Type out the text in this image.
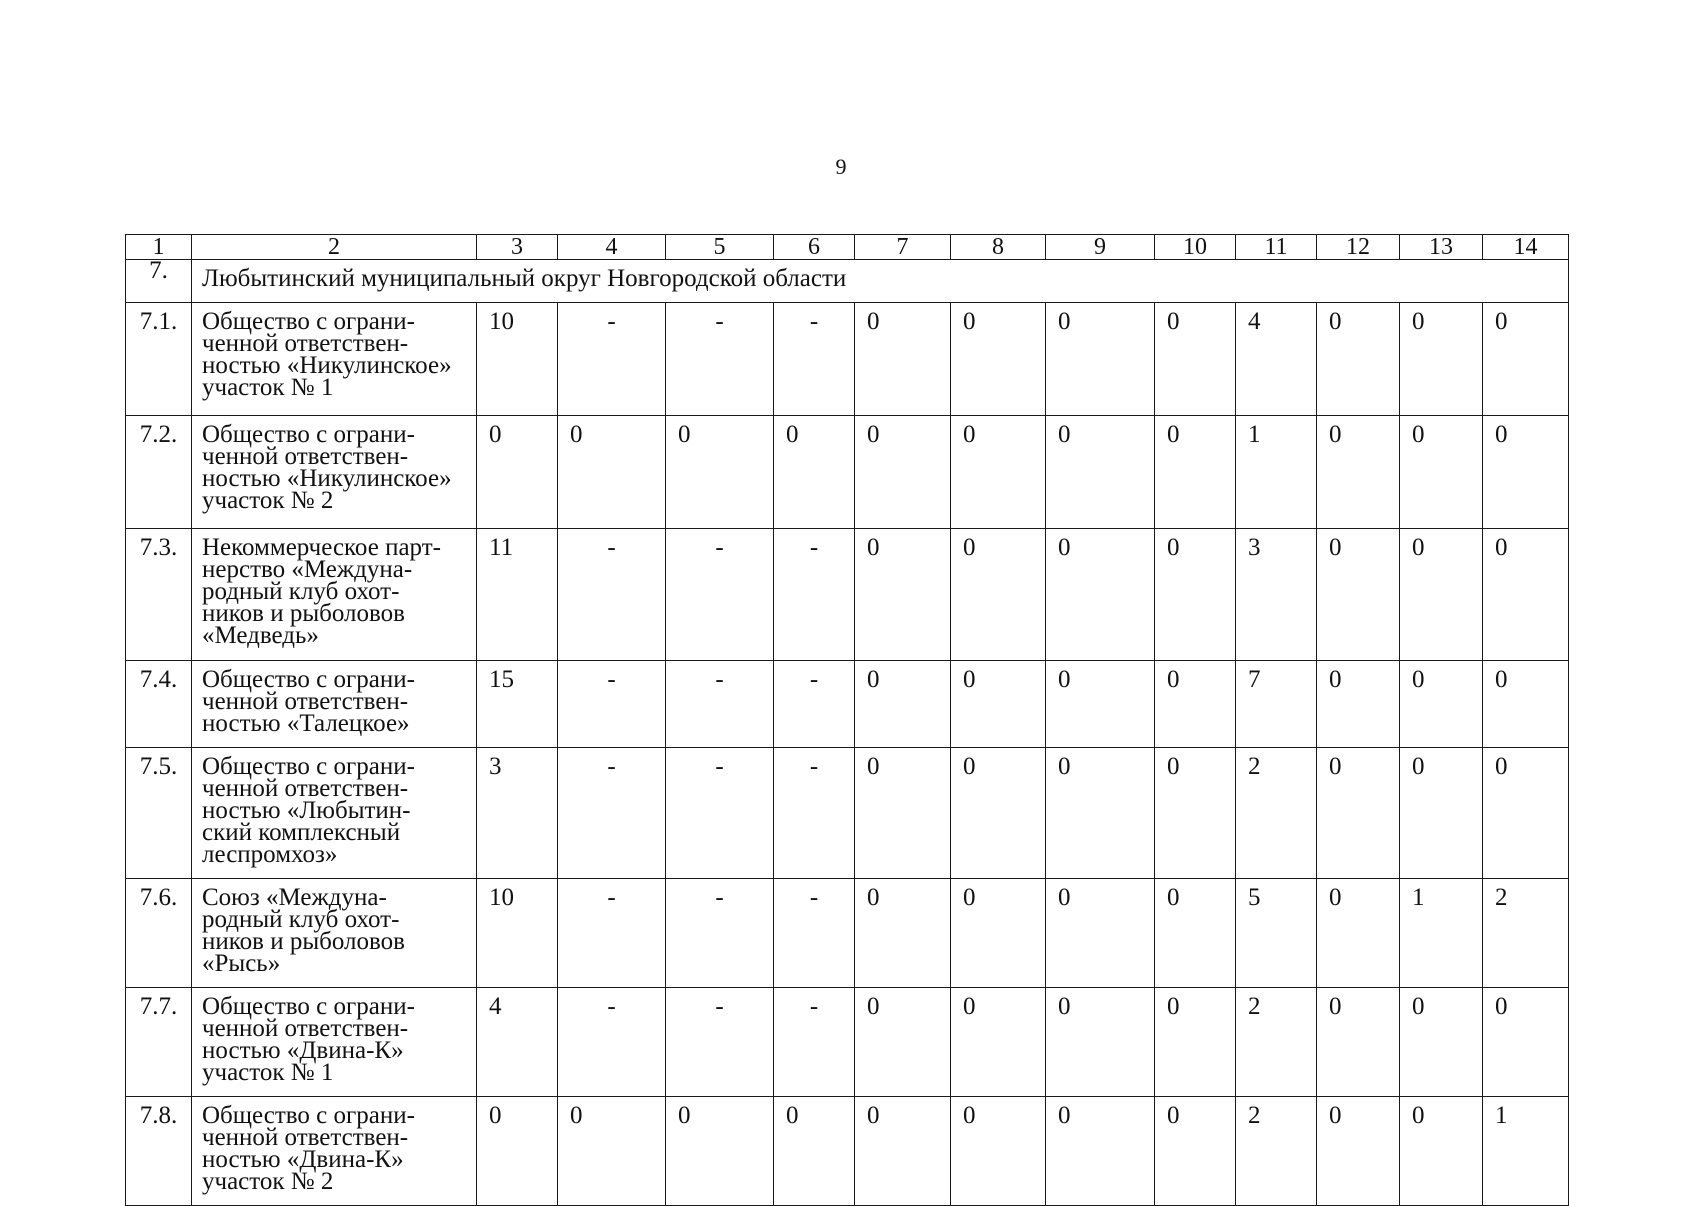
9
1	2	3	4	5	6	7	8	9	10	11	12	13	14
7.	Любытинский муниципальный округ Новгородской области												
7.1.	Общество с ограни-
ченной ответствен-
ностью «Никулинское»
участок № 1	10	-	-	-	0	0	0	0	4	0	0	0
7.2.	Общество с ограни-
ченной ответствен-
ностью «Никулинское»
участок № 2	0	0	0	0	0	0	0	0	1	0	0	0
7.3.	Некоммерческое парт-
нерство «Междуна-
родный клуб охот-
ников и рыболовов
«Медведь»	11	-	-	-	0	0	0	0	3	0	0	0
7.4.	Общество с ограни-
ченной ответствен-
ностью «Талецкое»	15	-	-	-	0	0	0	0	7	0	0	0
7.5.	Общество с ограни-
ченной ответствен-
ностью «Любытин-
ский комплексный
леспромхоз»	3	-	-	-	0	0	0	0	2	0	0	0
7.6.	Союз «Междуна-
родный клуб охот-
ников и рыболовов
«Рысь»	10	-	-	-	0	0	0	0	5	0	1	2
7.7.	Общество с ограни-
ченной ответствен-
ностью «Двина-К»
участок № 1	4	-	-	-	0	0	0	0	2	0	0	0
7.8.	Общество с ограни-
ченной ответствен-
ностью «Двина-К»
участок № 2	0	0	0	0	0	0	0	0	2	0	0	1
